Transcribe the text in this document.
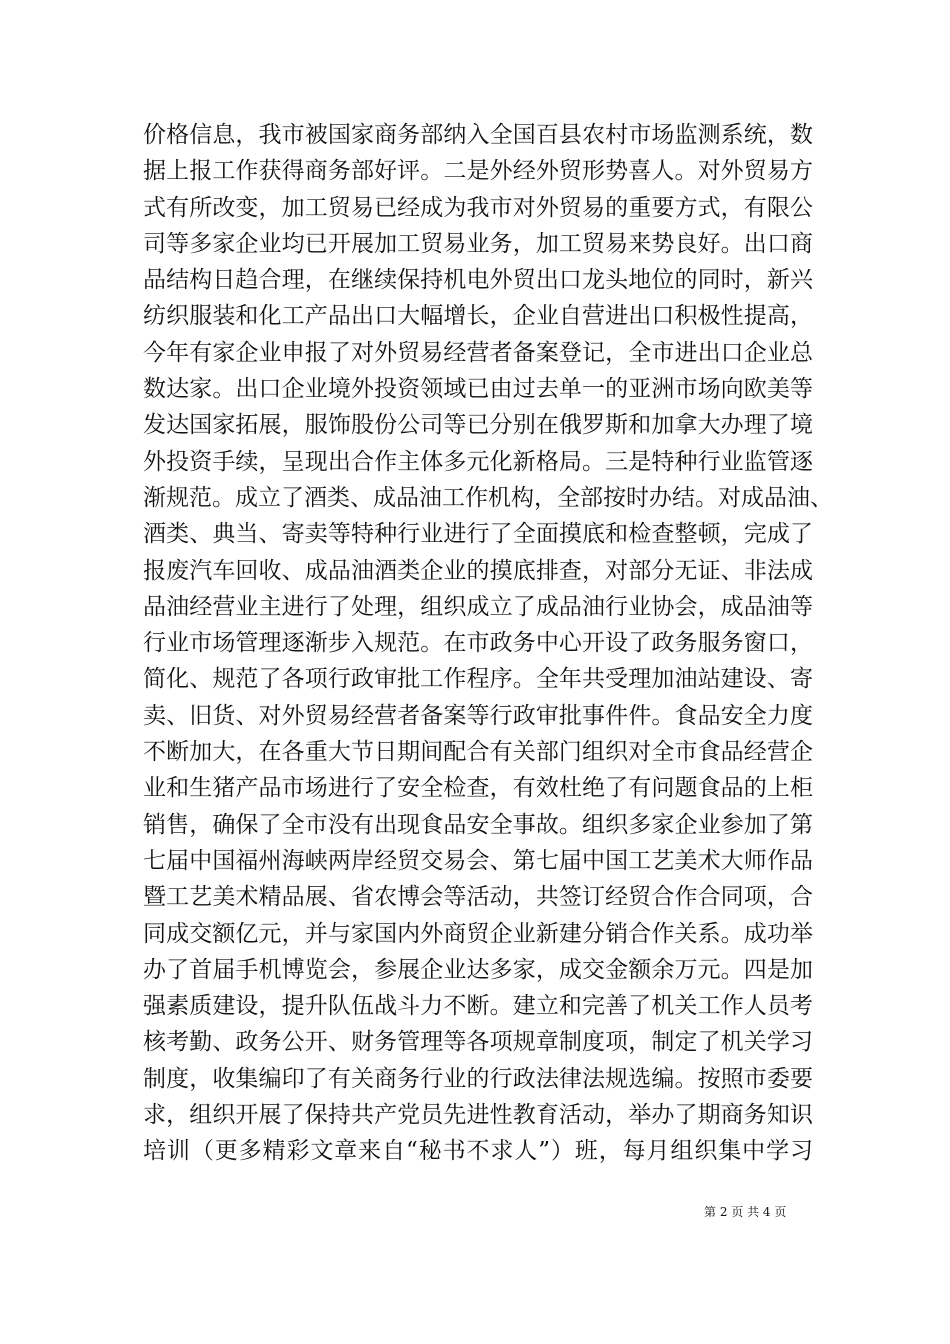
价格信息，我市被国家商务部纳入全国百县农村市场监测系统，数
据上报工作获得商务部好评。二是外经外贸形势喜人。对外贸易方
式有所改变，加工贸易已经成为我市对外贸易的重要方式，有限公
司等多家企业均已开展加工贸易业务，加工贸易来势良好。出口商
品结构日趋合理，在继续保持机电外贸出口龙头地位的同时，新兴
纺织服装和化工产品出口大幅增长，企业自营进出口积极性提高，
今年有家企业申报了对外贸易经营者备案登记，全市进出口企业总
数达家。出口企业境外投资领域已由过去单一的亚洲市场向欧美等
发达国家拓展，服饰股份公司等已分别在俄罗斯和加拿大办理了境
外投资手续，呈现出合作主体多元化新格局。三是特种行业监管逐
渐规范。成立了酒类、成品油工作机构，全部按时办结。对成品油、
酒类、典当、寄卖等特种行业进行了全面摸底和检查整顿，完成了
报废汽车回收、成品油酒类企业的摸底排查，对部分无证、非法成
品油经营业主进行了处理，组织成立了成品油行业协会，成品油等
行业市场管理逐渐步入规范。在市政务中心开设了政务服务窗口，
简化、规范了各项行政审批工作程序。全年共受理加油站建设、寄
卖、旧货、对外贸易经营者备案等行政审批事件件。食品安全力度
不断加大，在各重大节日期间配合有关部门组织对全市食品经营企
业和生猪产品市场进行了安全检查，有效杜绝了有问题食品的上柜
销售，确保了全市没有出现食品安全事故。组织多家企业参加了第
七届中国福州海峡两岸经贸交易会、第七届中国工艺美术大师作品
暨工艺美术精品展、省农博会等活动，共签订经贸合作合同项，合
同成交额亿元，并与家国内外商贸企业新建分销合作关系。成功举
办了首届手机博览会，参展企业达多家，成交金额余万元。四是加
强素质建设，提升队伍战斗力不断。建立和完善了机关工作人员考
核考勤、政务公开、财务管理等各项规章制度项，制定了机关学习
制度，收集编印了有关商务行业的行政法律法规选编。按照市委要
求，组织开展了保持共产党员先进性教育活动，举办了期商务知识
培训（更多精彩文章来自“秘书不求人”）班，每月组织集中学习
第 2 页 共 4 页
